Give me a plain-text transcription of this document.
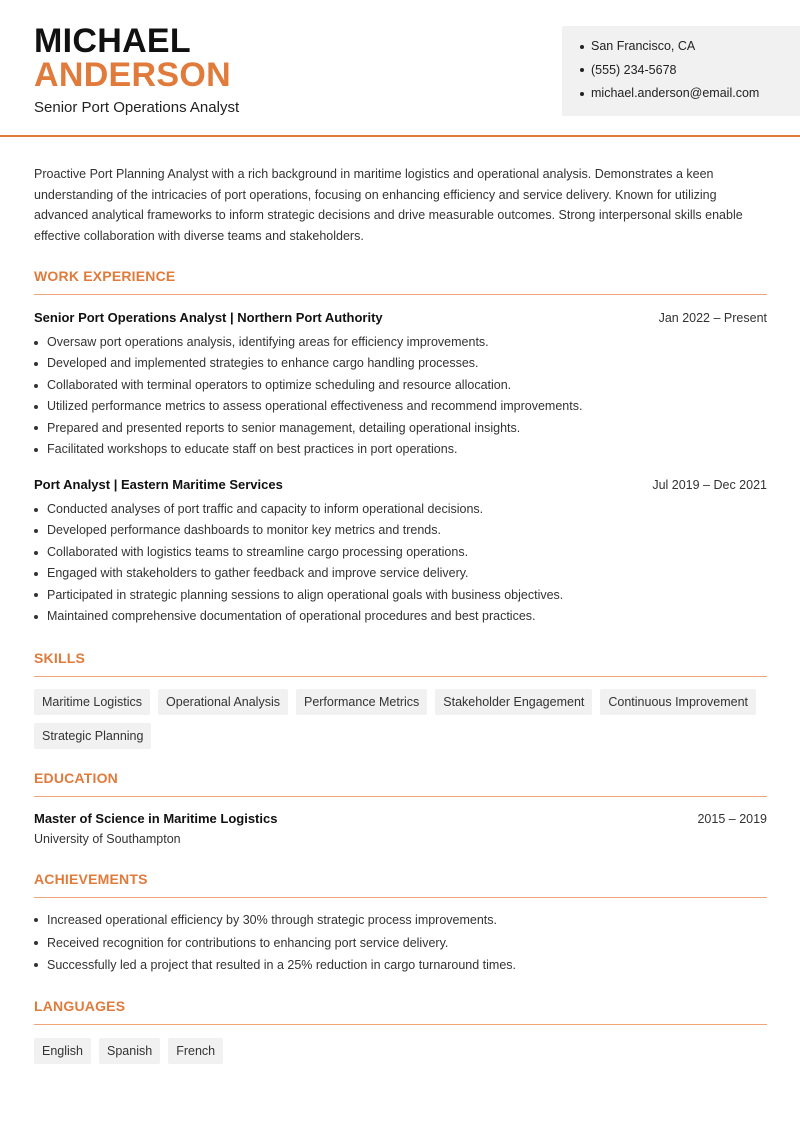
MICHAEL
ANDERSON
Senior Port Operations Analyst
San Francisco, CA
(555) 234-5678
michael.anderson@email.com
Proactive Port Planning Analyst with a rich background in maritime logistics and operational analysis. Demonstrates a keen understanding of the intricacies of port operations, focusing on enhancing efficiency and service delivery. Known for utilizing advanced analytical frameworks to inform strategic decisions and drive measurable outcomes. Strong interpersonal skills enable effective collaboration with diverse teams and stakeholders.
WORK EXPERIENCE
Senior Port Operations Analyst | Northern Port Authority	Jan 2022 – Present
Oversaw port operations analysis, identifying areas for efficiency improvements.
Developed and implemented strategies to enhance cargo handling processes.
Collaborated with terminal operators to optimize scheduling and resource allocation.
Utilized performance metrics to assess operational effectiveness and recommend improvements.
Prepared and presented reports to senior management, detailing operational insights.
Facilitated workshops to educate staff on best practices in port operations.
Port Analyst | Eastern Maritime Services	Jul 2019 – Dec 2021
Conducted analyses of port traffic and capacity to inform operational decisions.
Developed performance dashboards to monitor key metrics and trends.
Collaborated with logistics teams to streamline cargo processing operations.
Engaged with stakeholders to gather feedback and improve service delivery.
Participated in strategic planning sessions to align operational goals with business objectives.
Maintained comprehensive documentation of operational procedures and best practices.
SKILLS
Maritime Logistics	Operational Analysis	Performance Metrics	Stakeholder Engagement	Continuous Improvement
Strategic Planning
EDUCATION
Master of Science in Maritime Logistics	2015 – 2019
University of Southampton
ACHIEVEMENTS
Increased operational efficiency by 30% through strategic process improvements.
Received recognition for contributions to enhancing port service delivery.
Successfully led a project that resulted in a 25% reduction in cargo turnaround times.
LANGUAGES
English	Spanish	French
